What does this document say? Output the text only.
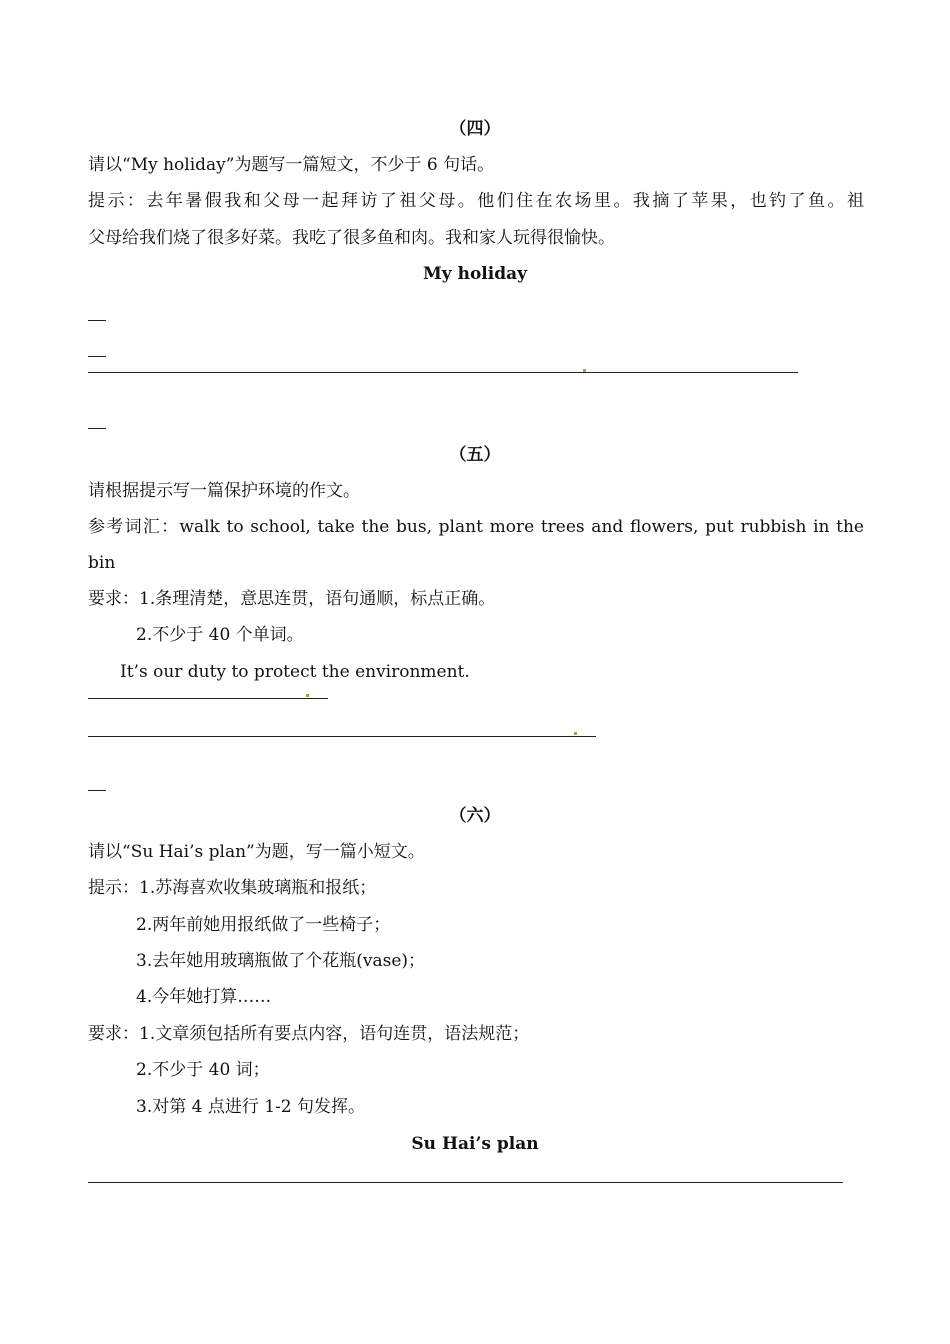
（四）
请以“My holiday”为题写一篇短文，不少于 6 句话。
提示：去年暑假我和父母一起拜访了祖父母。他们住在农场里。我摘了苹果，也钓了鱼。祖
父母给我们烧了很多好菜。我吃了很多鱼和肉。我和家人玩得很愉快。
My holiday
（五）
请根据提示写一篇保护环境的作文。
参考词汇：walk to school, take the bus, plant more trees and flowers, put rubbish in the
bin
要求：1.条理清楚，意思连贯，语句通顺，标点正确。
2.不少于 40 个单词。
It’s our duty to protect the environment.
（六）
请以“Su Hai’s plan”为题，写一篇小短文。
提示：1.苏海喜欢收集玻璃瓶和报纸；
2.两年前她用报纸做了一些椅子；
3.去年她用玻璃瓶做了个花瓶(vase)；
4.今年她打算……
要求：1.文章须包括所有要点内容，语句连贯，语法规范；
2.不少于 40 词；
3.对第 4 点进行 1-2 句发挥。
Su Hai’s plan
